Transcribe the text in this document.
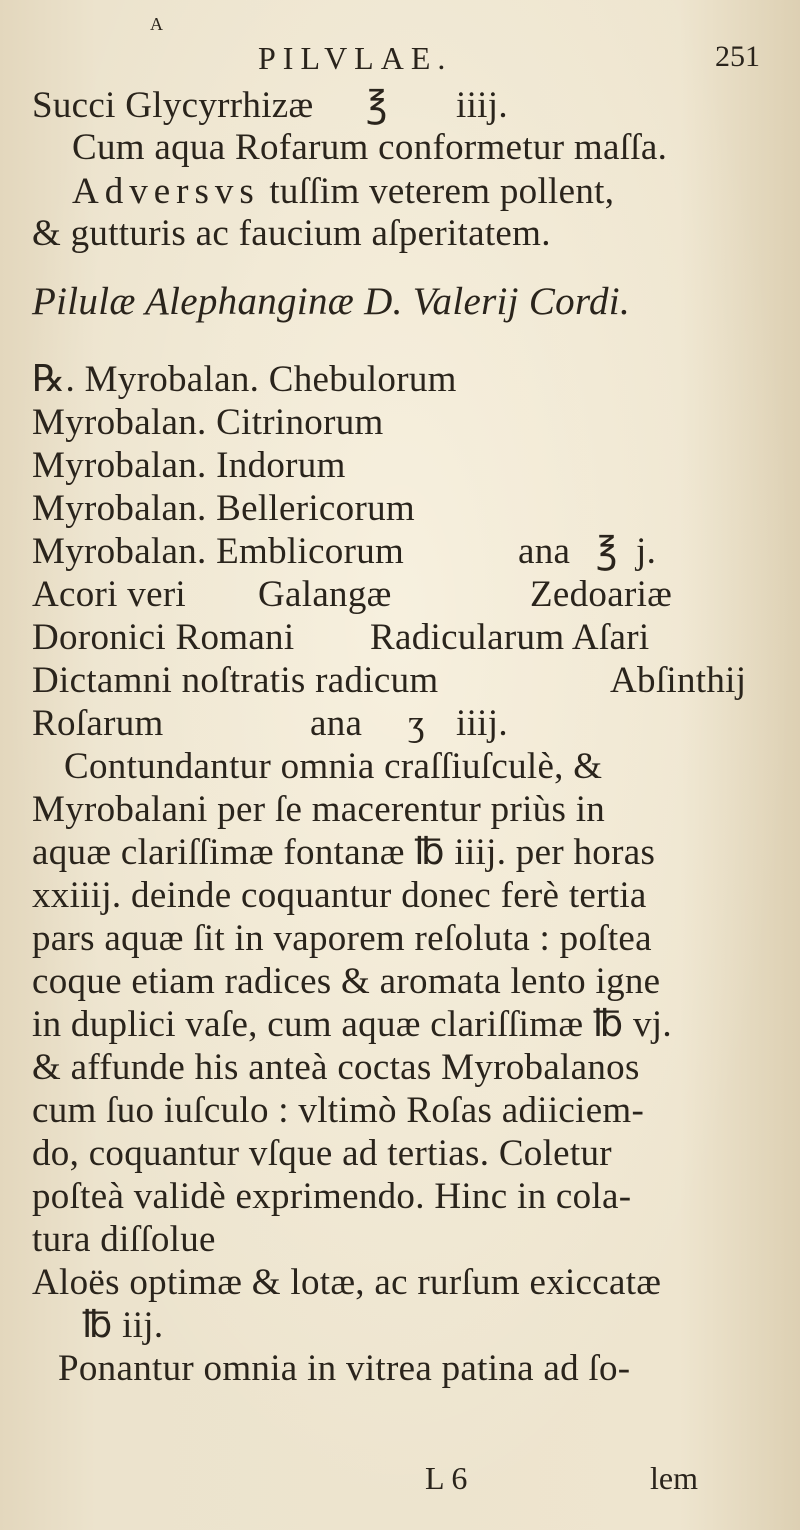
A
PILVLAE.	251
Succi Glycyrrhizæ ℥ iiij.
Cum aqua Rofarum conformetur maſſa.
Adversvs tuſſim veterem pollent,
& gutturis ac faucium aſperitatem.
Pilulæ Alephanginæ D. Valerij Cordi.
℞. Myrobalan. Chebulorum
Myrobalan. Citrinorum
Myrobalan. Indorum
Myrobalan. Bellericorum
Myrobalan. Emblicorum	ana ℥ j.
Acori veri Galangæ	Zedoariæ
Doronici Romani Radicularum Aſari
Dictamni noſtratis radicum	Abſinthij
Roſarum	ana ʒ iiij.
Contundantur omnia craſſiuſculè, &
Myrobalani per ſe macerentur priùs in
aquæ clariſſimæ fontanæ ℔ iiij. per horas
xxiiij. deinde coquantur donec ferè tertia
pars aquæ ſit in vaporem reſoluta : poſtea
coque etiam radices & aromata lento igne
in duplici vaſe, cum aquæ clariſſimæ ℔ vj.
& affunde his anteà coctas Myrobalanos
cum ſuo iuſculo : vltimò Roſas adiiciem-
do, coquantur vſque ad tertias. Coletur
poſteà validè exprimendo. Hinc in cola-
tura diſſolue
Aloës optimæ & lotæ, ac rurſum exiccatæ
℔ iij.
Ponantur omnia in vitrea patina ad ſo-
L 6	lem
